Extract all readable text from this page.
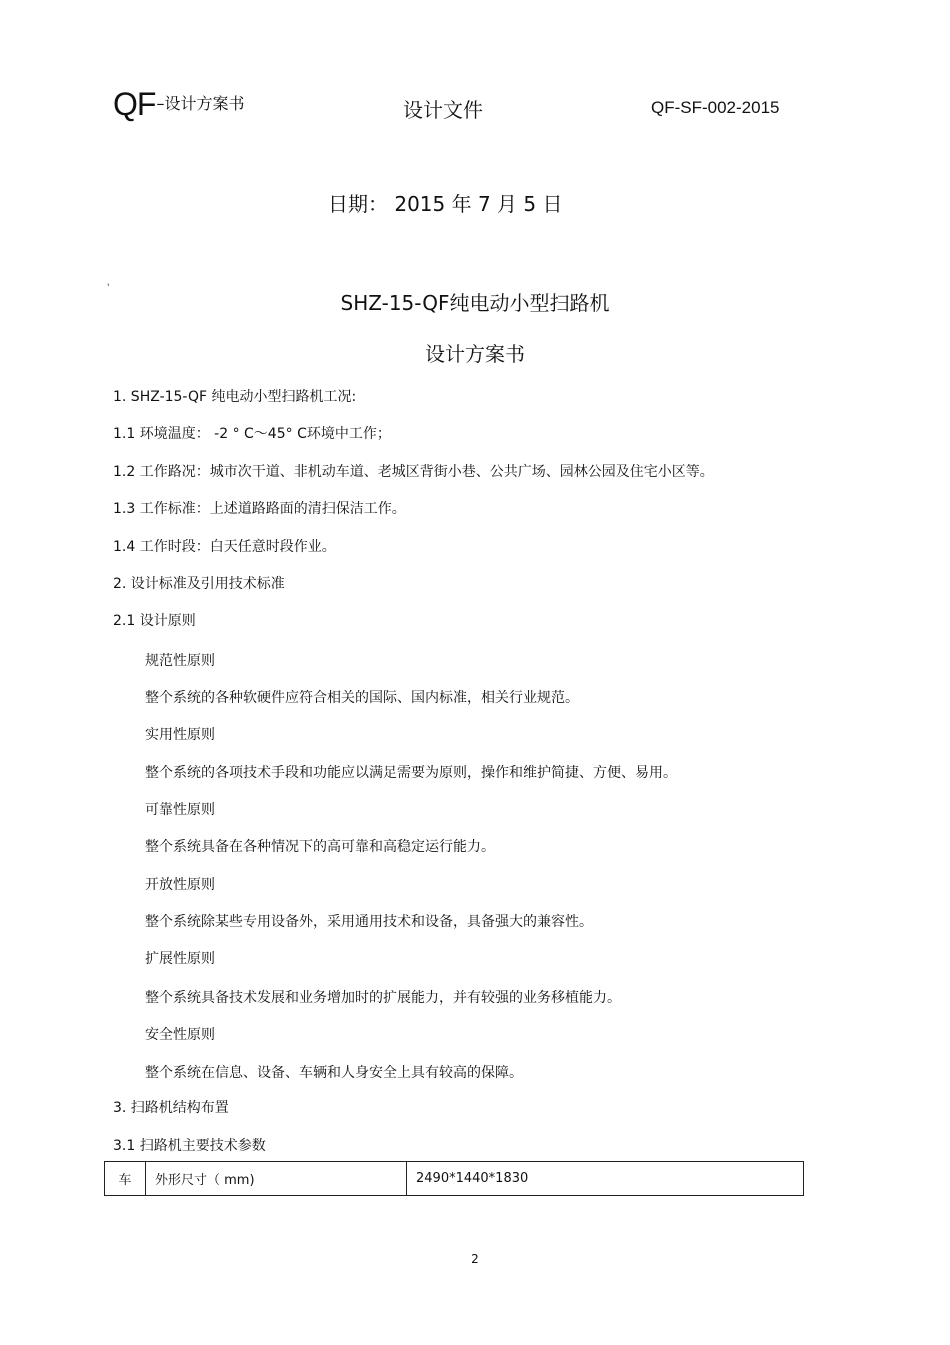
QF–设计方案书	设计文件	QF-SF-002-2015
日期： 2015 年 7 月 5 日
'
SHZ-15-QF纯电动小型扫路机
设计方案书
1. SHZ-15-QF 纯电动小型扫路机工况:
1.1 环境温度： -2 ° C～45° C环境中工作；
1.2 工作路况：城市次干道、非机动车道、老城区背街小巷、公共广场、园林公园及住宅小区等。
1.3 工作标准：上述道路路面的清扫保洁工作。
1.4 工作时段：白天任意时段作业。
2. 设计标准及引用技术标准
2.1 设计原则
规范性原则
整个系统的各种软硬件应符合相关的国际、国内标准，相关行业规范。
实用性原则
整个系统的各项技术手段和功能应以满足需要为原则，操作和维护简捷、方便、易用。
可靠性原则
整个系统具备在各种情况下的高可靠和高稳定运行能力。
开放性原则
整个系统除某些专用设备外，采用通用技术和设备，具备强大的兼容性。
扩展性原则
整个系统具备技术发展和业务增加时的扩展能力，并有较强的业务移植能力。
安全性原则
整个系统在信息、设备、车辆和人身安全上具有较高的保障。
3. 扫路机结构布置
3.1 扫路机主要技术参数
车	外形尺寸（ mm)	2490*1440*1830
2
